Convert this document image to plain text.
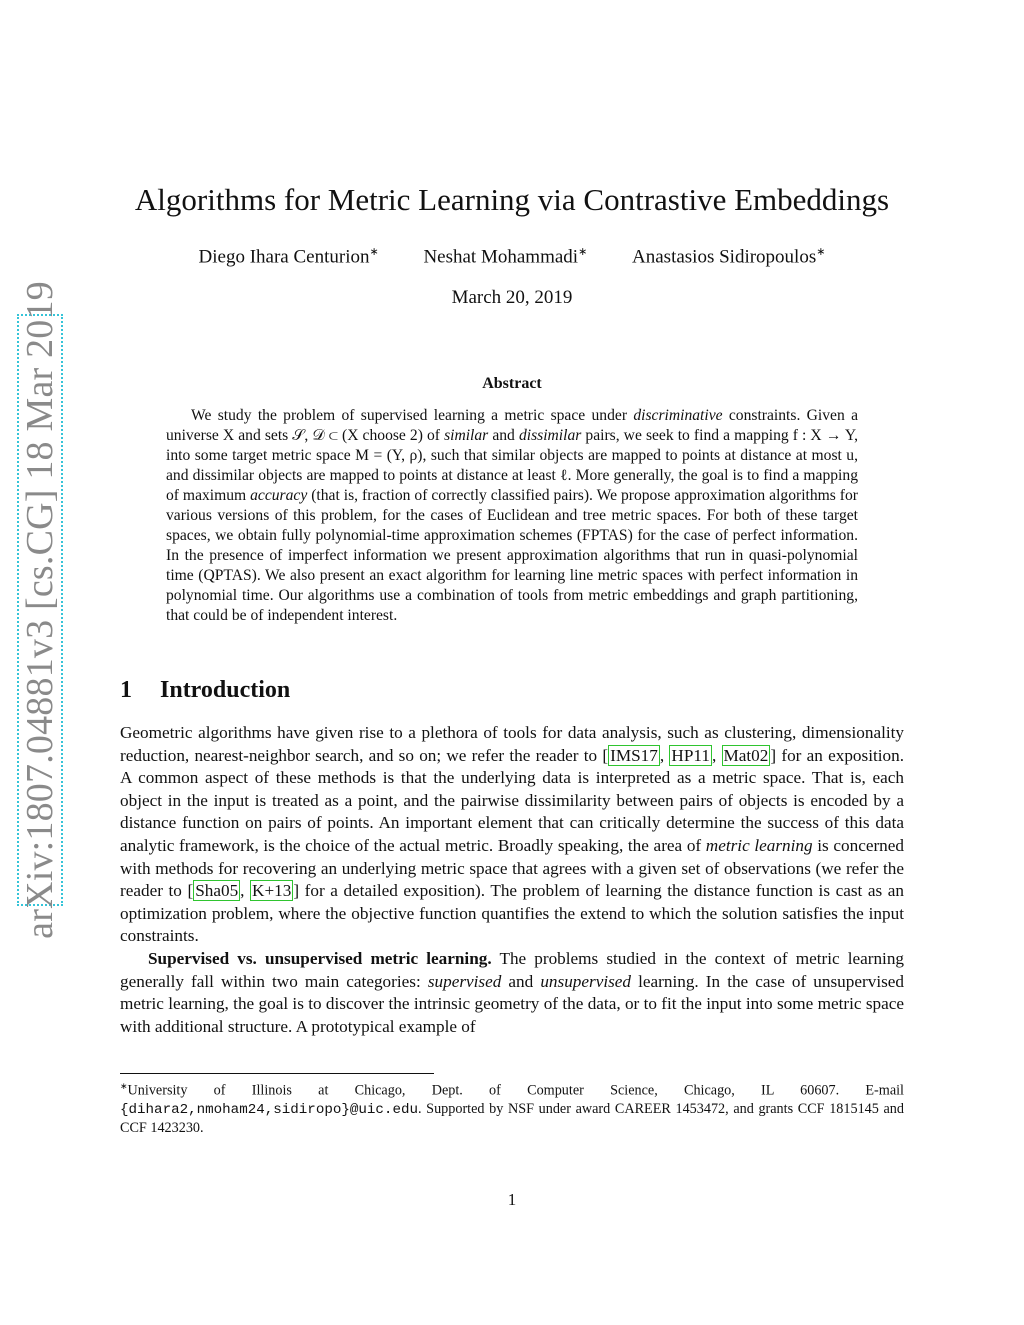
arXiv:1807.04881v3 [cs.CG] 18 Mar 2019
Algorithms for Metric Learning via Contrastive Embeddings
Diego Ihara Centurion∗ Neshat Mohammadi∗ Anastasios Sidiropoulos∗
March 20, 2019
Abstract

We study the problem of supervised learning a metric space under discriminative constraints. Given a universe X and sets 𝒮, 𝒟 ⊂ (X choose 2) of similar and dissimilar pairs, we seek to find a mapping f : X → Y, into some target metric space M = (Y, ρ), such that similar objects are mapped to points at distance at most u, and dissimilar objects are mapped to points at distance at least ℓ. More generally, the goal is to find a mapping of maximum accuracy (that is, fraction of correctly classified pairs). We propose approximation algorithms for various versions of this problem, for the cases of Euclidean and tree metric spaces. For both of these target spaces, we obtain fully polynomial-time approximation schemes (FPTAS) for the case of perfect information. In the presence of imperfect information we present approximation algorithms that run in quasi-polynomial time (QPTAS). We also present an exact algorithm for learning line metric spaces with perfect information in polynomial time. Our algorithms use a combination of tools from metric embeddings and graph partitioning, that could be of independent interest.

1 Introduction

Geometric algorithms have given rise to a plethora of tools for data analysis, such as clustering, dimensionality reduction, nearest-neighbor search, and so on; we refer the reader to [ IMS17 , HP11 , Mat02 ] for an exposition. A common aspect of these methods is that the underlying data is interpreted as a metric space. That is, each object in the input is treated as a point, and the pairwise dissimilarity between pairs of objects is encoded by a distance function on pairs of points. An important element that can critically determine the success of this data analytic framework, is the choice of the actual metric. Broadly speaking, the area of metric learning is concerned with methods for recovering an underlying metric space that agrees with a given set of observations (we refer the reader to [ Sha05 , K+13 ] for a detailed exposition). The problem of learning the distance function is cast as an optimization problem, where the objective function quantifies the extend to which the solution satisfies the input constraints.

Supervised vs. unsupervised metric learning. The problems studied in the context of metric learning generally fall within two main categories: supervised and unsupervised learning. In the case of unsupervised metric learning, the goal is to discover the intrinsic geometry of the data, or to fit the input into some metric space with additional structure. A prototypical example of

∗University of Illinois at Chicago, Dept. of Computer Science, Chicago, IL 60607. E-mail {dihara2,nmoham24,sidiropo}@uic.edu. Supported by NSF under award CAREER 1453472, and grants CCF 1815145 and CCF 1423230.
1
